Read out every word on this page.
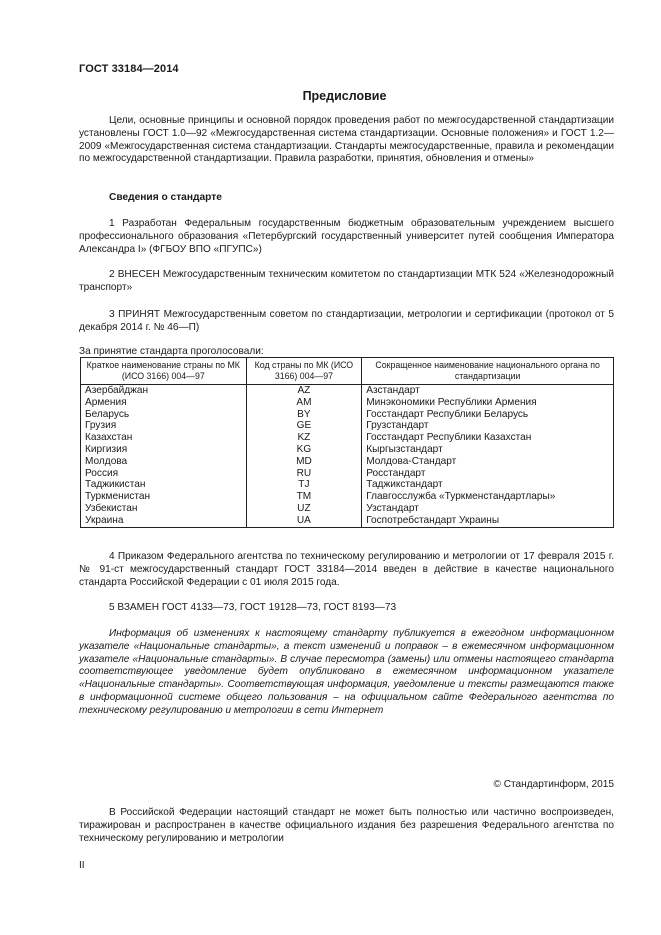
ГОСТ 33184—2014
Предисловие

Цели, основные принципы и основной порядок проведения работ по межгосударственной стандартизации установлены ГОСТ 1.0—92 «Межгосударственная система стандартизации. Основные положения» и ГОСТ 1.2—2009 «Межгосударственная система стандартизации. Стандарты межгосударственные, правила и рекомендации по межгосударственной стандартизации. Правила разработки, принятия, обновления и отмены»

Сведения о стандарте

1 Разработан Федеральным государственным бюджетным образовательным учреждением высшего профессионального образования «Петербургский государственный университет путей сообщения Императора Александра I» (ФГБОУ ВПО «ПГУПС»)

2 ВНЕСЕН Межгосударственным техническим комитетом по стандартизации МТК 524 «Железнодорожный транспорт»

3 ПРИНЯТ Межгосударственным советом по стандартизации, метрологии и сертификации (протокол от 5 декабря 2014 г. № 46—П)

За принятие стандарта проголосовали:
Краткое наименование страны по МК (ИСО 3166) 004—97	Код страны по МК (ИСО 3166) 004—97	Сокращенное наименование национального органа по стандартизации
Азербайджан	AZ	Азстандарт
Армения	AM	Минэкономики Республики Армения
Беларусь	BY	Госстандарт Республики Беларусь
Грузия	GE	Грузстандарт
Казахстан	KZ	Госстандарт Республики Казахстан
Киргизия	KG	Кыргызстандарт
Молдова	MD	Молдова-Стандарт
Россия	RU	Росстандарт
Таджикистан	TJ	Таджикстандарт
Туркменистан	TM	Главгосслужба «Туркменстандартлары»
Узбекистан	UZ	Узстандарт
Украина	UA	Госпотребстандарт Украины

4 Приказом Федерального агентства по техническому регулированию и метрологии от 17 февраля 2015 г. № 91-ст межгосударственный стандарт ГОСТ 33184—2014 введен в действие в качестве национального стандарта Российской Федерации с 01 июля 2015 года.

5 ВЗАМЕН ГОСТ 4133—73, ГОСТ 19128—73, ГОСТ 8193—73

Информация об изменениях к настоящему стандарту публикуется в ежегодном информационном указателе «Национальные стандарты», а текст изменений и поправок – в ежемесячном информационном указателе «Национальные стандарты». В случае пересмотра (замены) или отмены настоящего стандарта соответствующее уведомление будет опубликовано в ежемесячном информационном указателе «Национальные стандарты». Соответствующая информация, уведомление и тексты размещаются также в информационной системе общего пользования – на официальном сайте Федерального агентства по техническому регулированию и метрологии в сети Интернет

© Стандартинформ, 2015

В Российской Федерации настоящий стандарт не может быть полностью или частично воспроизведен, тиражирован и распространен в качестве официального издания без разрешения Федерального агентства по техническому регулированию и метрологии

II
